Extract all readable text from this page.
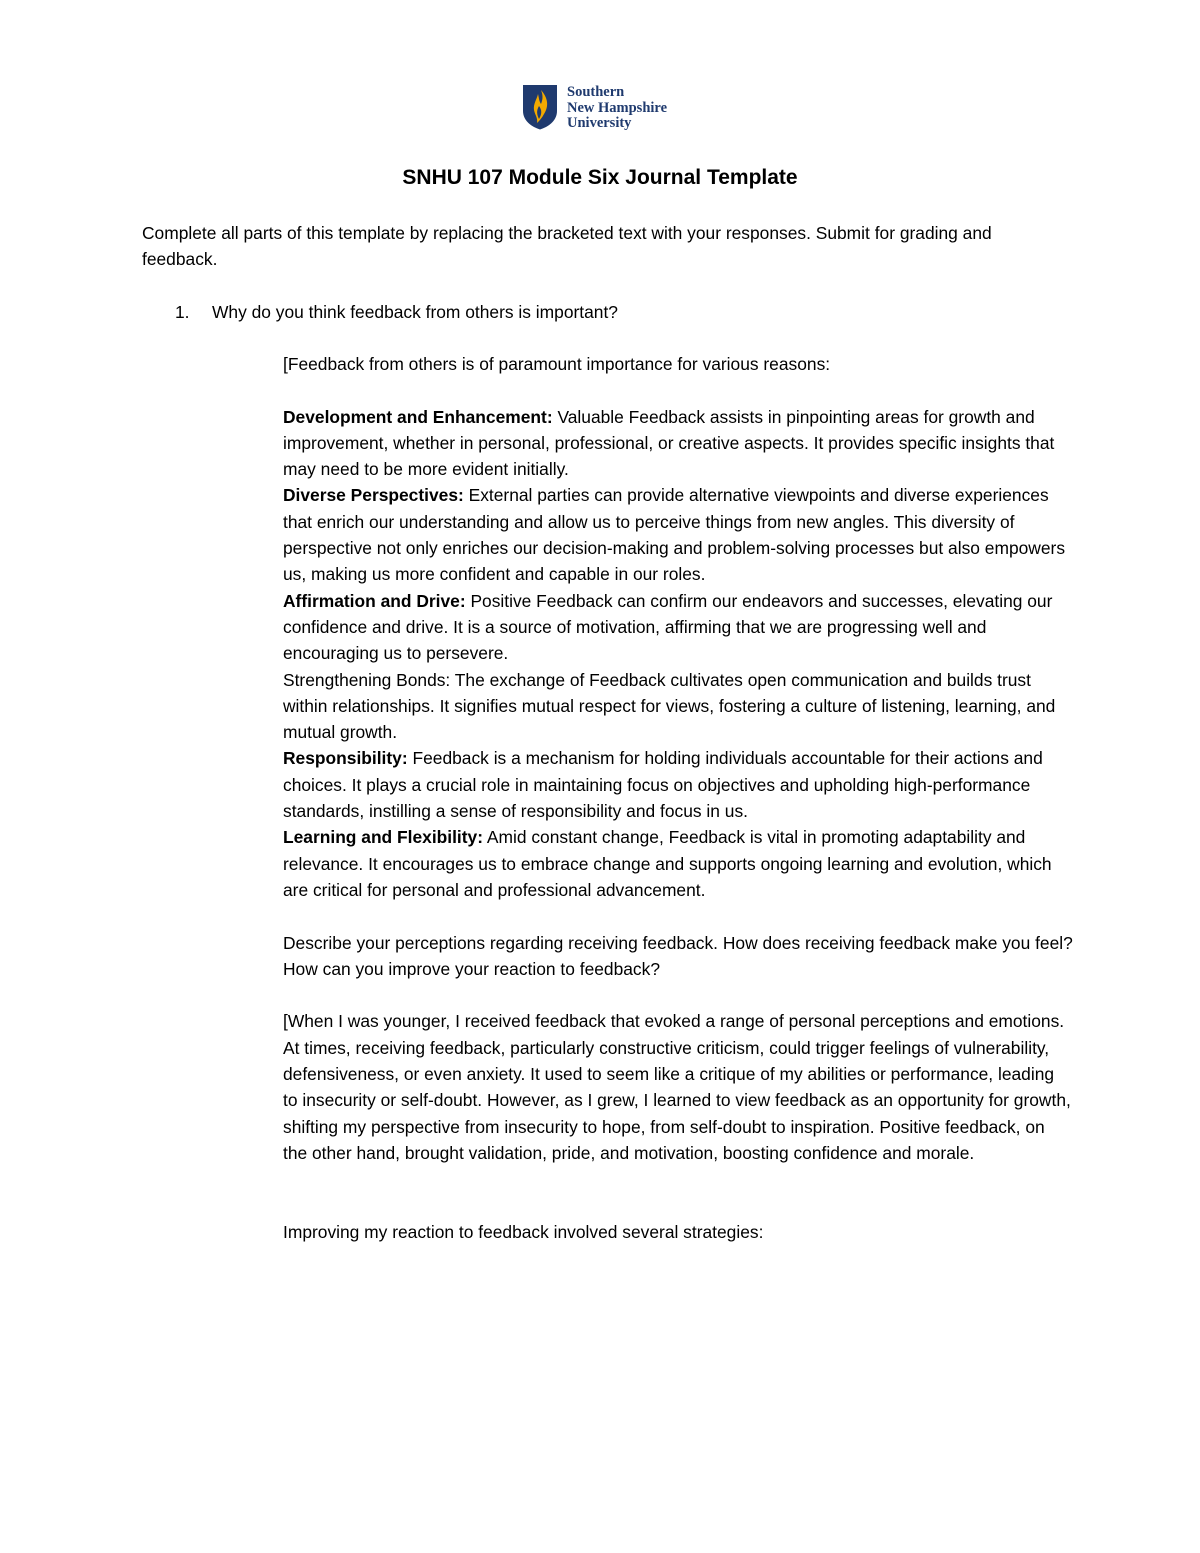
Southern
New Hampshire
University
SNHU 107 Module Six Journal Template

Complete all parts of this template by replacing the bracketed text with your responses. Submit for grading and feedback.

1.	Why do you think feedback from others is important?

[Feedback from others is of paramount importance for various reasons:

Development and Enhancement: Valuable Feedback assists in pinpointing areas for growth and improvement, whether in personal, professional, or creative aspects. It provides specific insights that may need to be more evident initially.

Diverse Perspectives: External parties can provide alternative viewpoints and diverse experiences that enrich our understanding and allow us to perceive things from new angles. This diversity of perspective not only enriches our decision-making and problem-solving processes but also empowers us, making us more confident and capable in our roles.

Affirmation and Drive: Positive Feedback can confirm our endeavors and successes, elevating our confidence and drive. It is a source of motivation, affirming that we are progressing well and encouraging us to persevere.

Strengthening Bonds: The exchange of Feedback cultivates open communication and builds trust within relationships. It signifies mutual respect for views, fostering a culture of listening, learning, and mutual growth.

Responsibility: Feedback is a mechanism for holding individuals accountable for their actions and choices. It plays a crucial role in maintaining focus on objectives and upholding high-performance standards, instilling a sense of responsibility and focus in us.

Learning and Flexibility: Amid constant change, Feedback is vital in promoting adaptability and relevance. It encourages us to embrace change and supports ongoing learning and evolution, which are critical for personal and professional advancement.

Describe your perceptions regarding receiving feedback. How does receiving feedback make you feel? How can you improve your reaction to feedback?

[When I was younger, I received feedback that evoked a range of personal perceptions and emotions. At times, receiving feedback, particularly constructive criticism, could trigger feelings of vulnerability, defensiveness, or even anxiety. It used to seem like a critique of my abilities or performance, leading to insecurity or self-doubt. However, as I grew, I learned to view feedback as an opportunity for growth, shifting my perspective from insecurity to hope, from self-doubt to inspiration. Positive feedback, on the other hand, brought validation, pride, and motivation, boosting confidence and morale.

Improving my reaction to feedback involved several strategies:
